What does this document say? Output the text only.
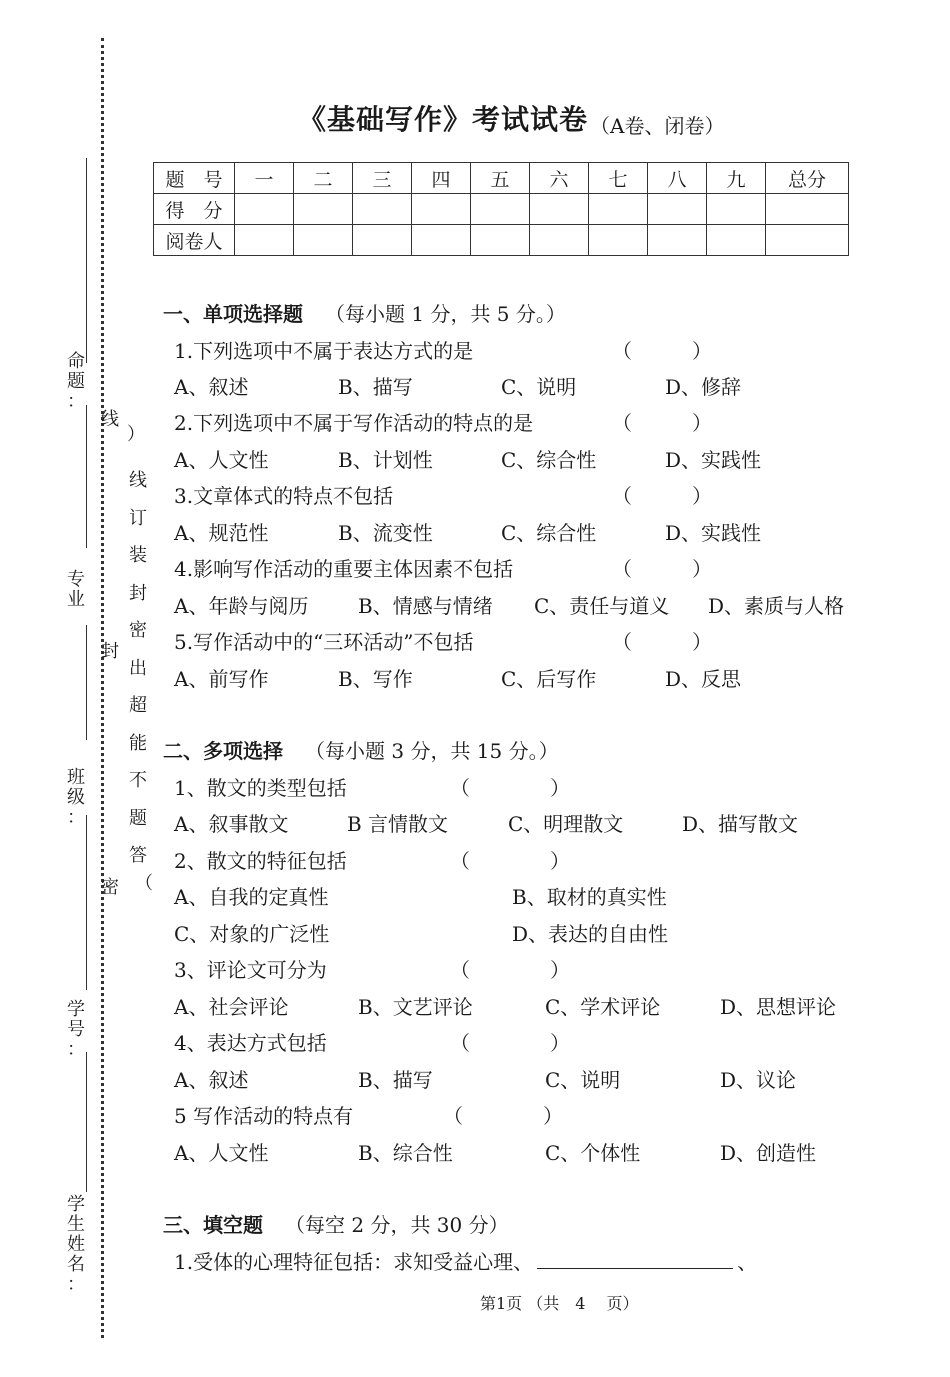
命
题
：
专
业
班
级
：
学
号
：
学
生
姓
名
：
线
封
密
）
线
订
装
封
密
出
超
能
不
题
答
（
《基础写作》考试试卷 （A卷、闭卷）
题　号	一	二	三	四	五	六	七	八	九	总分
得　分										
阅卷人										
一、单项选择题 （每小题 1 分，共 5 分。）
1.下列选项中不属于表达方式的是	（　　　）
A、叙述	B、描写	C、说明	D、修辞
2.下列选项中不属于写作活动的特点的是	（　　　）
A、人文性	B、计划性	C、综合性	D、实践性
3.文章体式的特点不包括	（　　　）
A、规范性	B、流变性	C、综合性	D、实践性
4.影响写作活动的重要主体因素不包括	（　　　）
A、年龄与阅历 B、情感与情绪 C、责任与道义 D、素质与人格
5.写作活动中的“三环活动”不包括	（　　　）
A、前写作	B、写作	C、后写作	D、反思
二、多项选择 （每小题 3 分，共 15 分。）
1、散文的类型包括	（　　　　）
A、叙事散文	B 言情散文	C、明理散文	D、描写散文
2、散文的特征包括	（　　　　）
A、自我的定真性	B、取材的真实性
C、对象的广泛性	D、表达的自由性
3、评论文可分为	（　　　　）
A、社会评论	B、文艺评论	C、学术评论	D、思想评论
4、表达方式包括	（　　　　）
A、叙述	B、描写	C、说明	D、议论
5 写作活动的特点有	（　　　　）
A、人文性	B、综合性	C、个体性	D、创造性
三、填空题 （每空 2 分，共 30 分）
1.受体的心理特征包括：求知受益心理、	、
第1页 （共　4　 页）
